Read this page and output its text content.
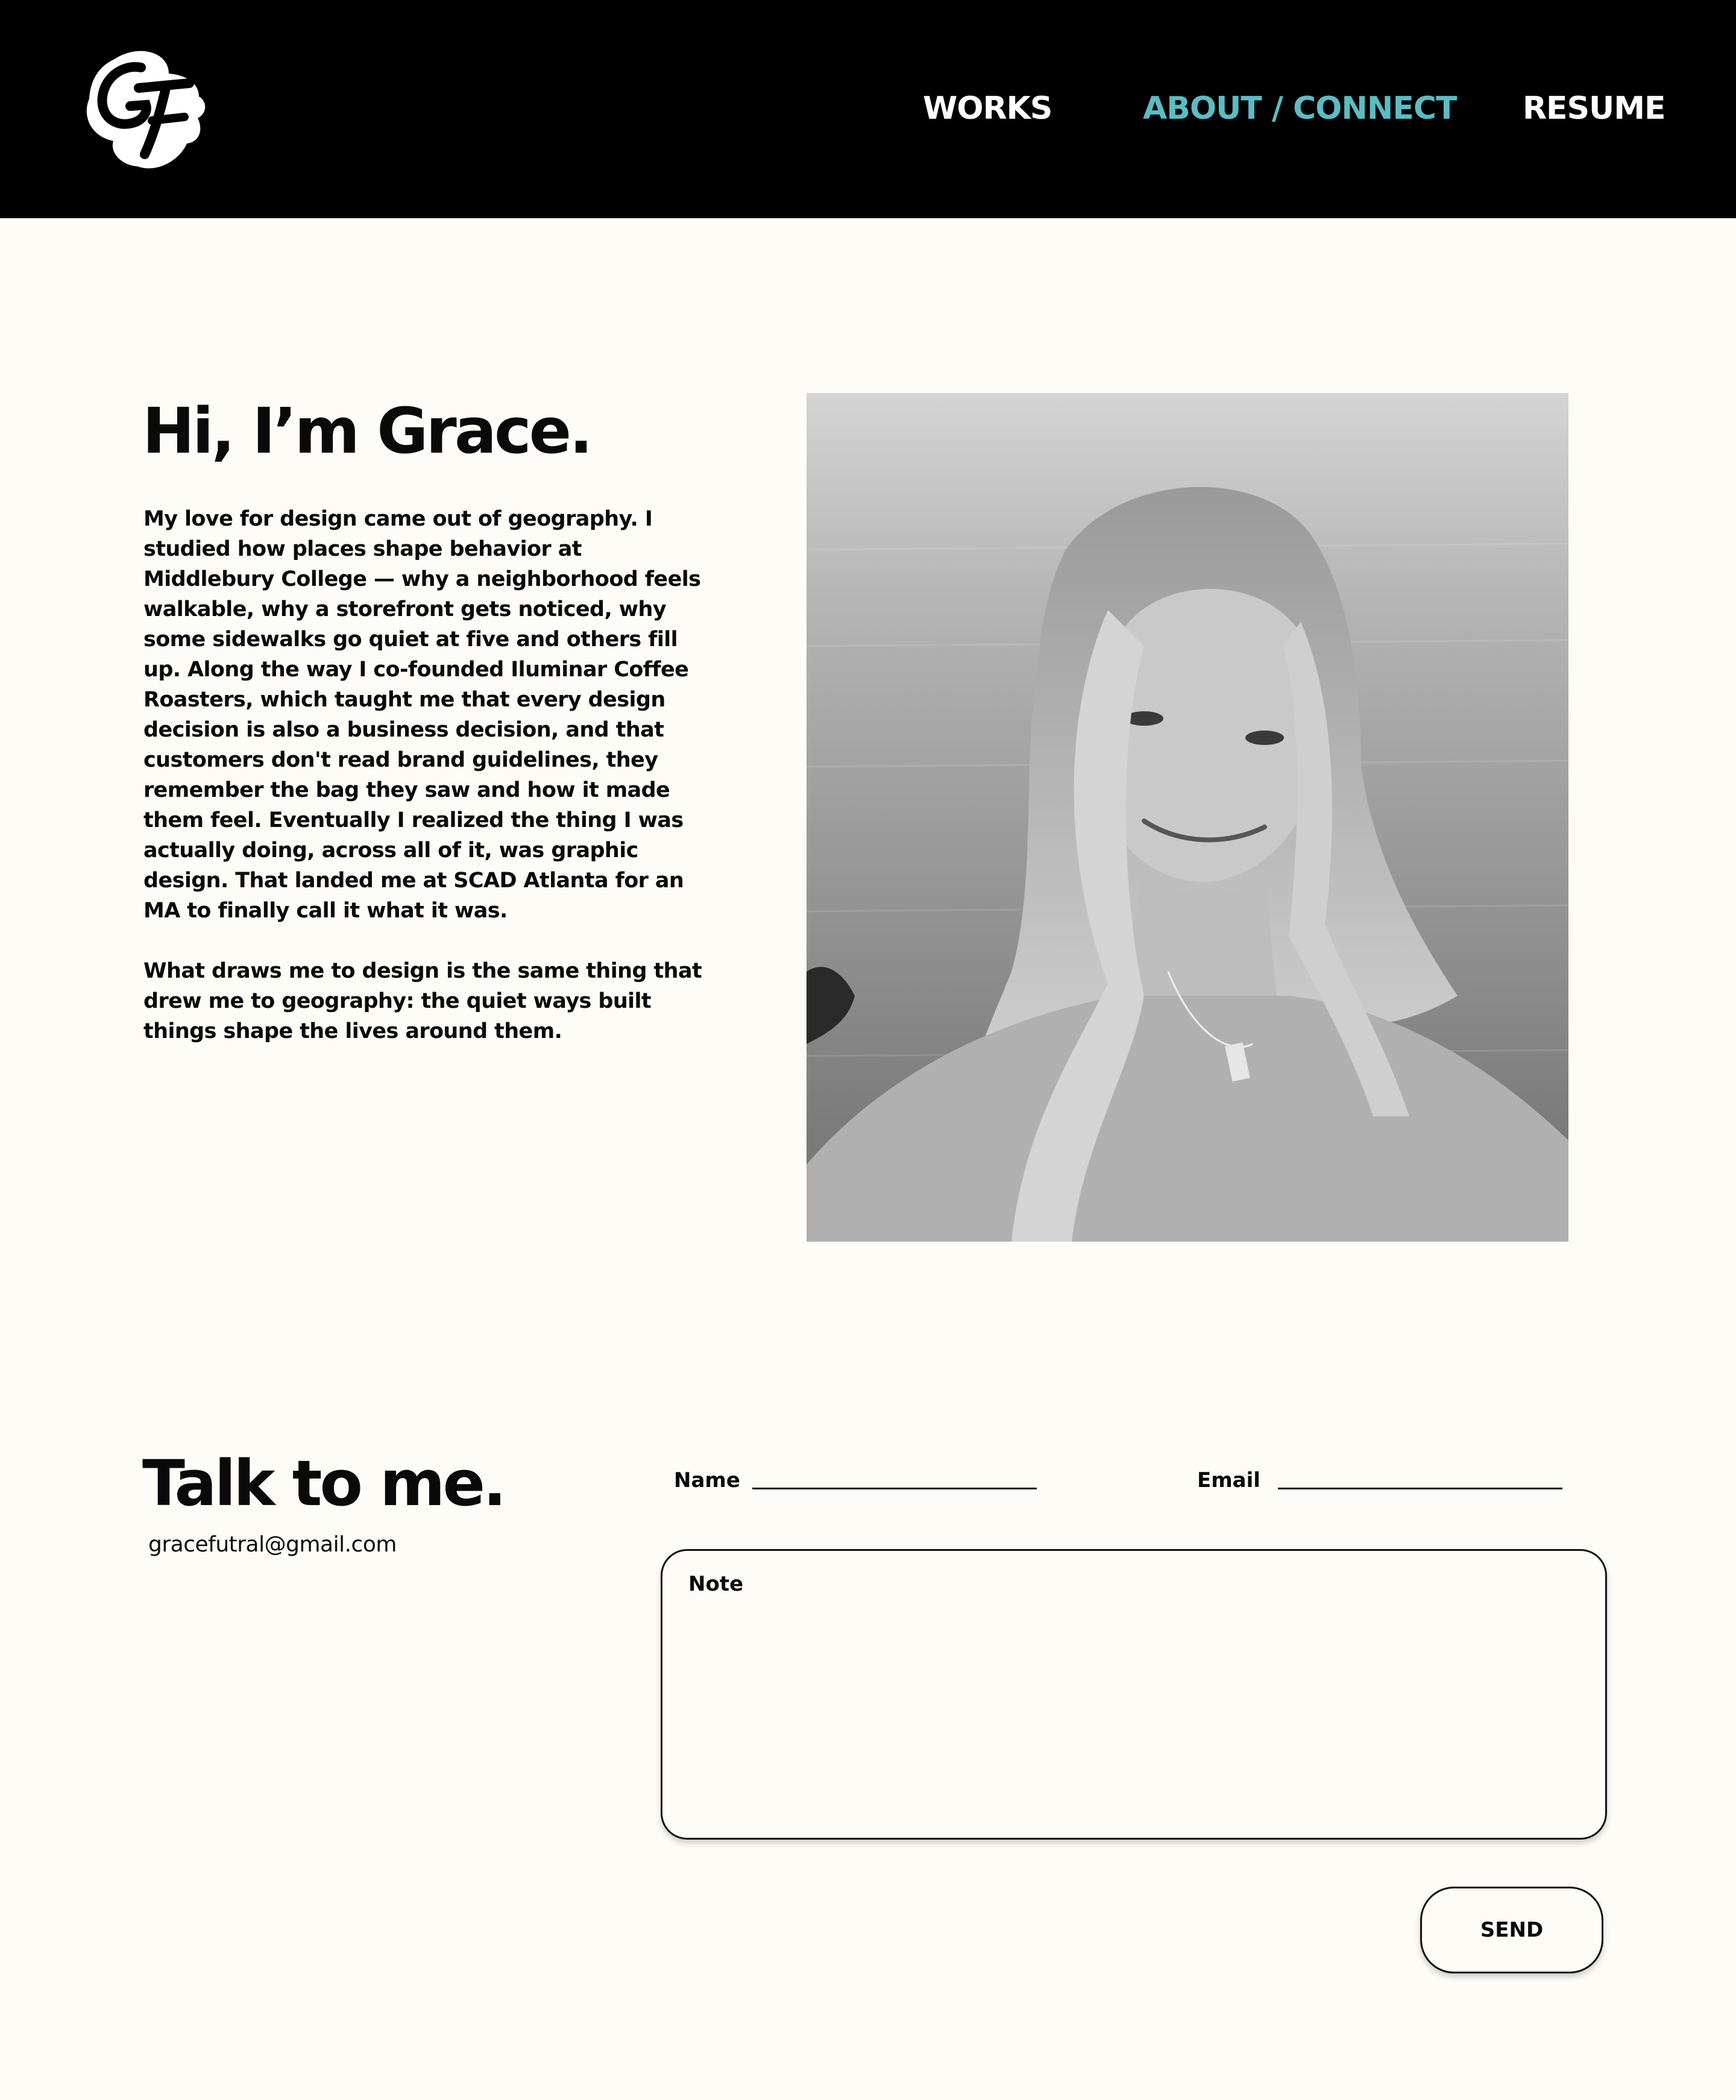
WORKS	ABOUT / CONNECT RESUME
Hi, I’m Grace.

My love for design came out of geography. I studied how places shape behavior at Middlebury College — why a neighborhood feels walkable, why a storefront gets noticed, why some sidewalks go quiet at five and others fill up. Along the way I co-founded Iluminar Coffee Roasters, which taught me that every design decision is also a business decision, and that customers don't read brand guidelines, they remember the bag they saw and how it made them feel. Eventually I realized the thing I was actually doing, across all of it, was graphic design. That landed me at SCAD Atlanta for an MA to finally call it what it was.

What draws me to design is the same thing that drew me to geography: the quiet ways built things shape the lives around them.

Talk to me.
gracefutral@gmail.com
Name	Email
Note
SEND
